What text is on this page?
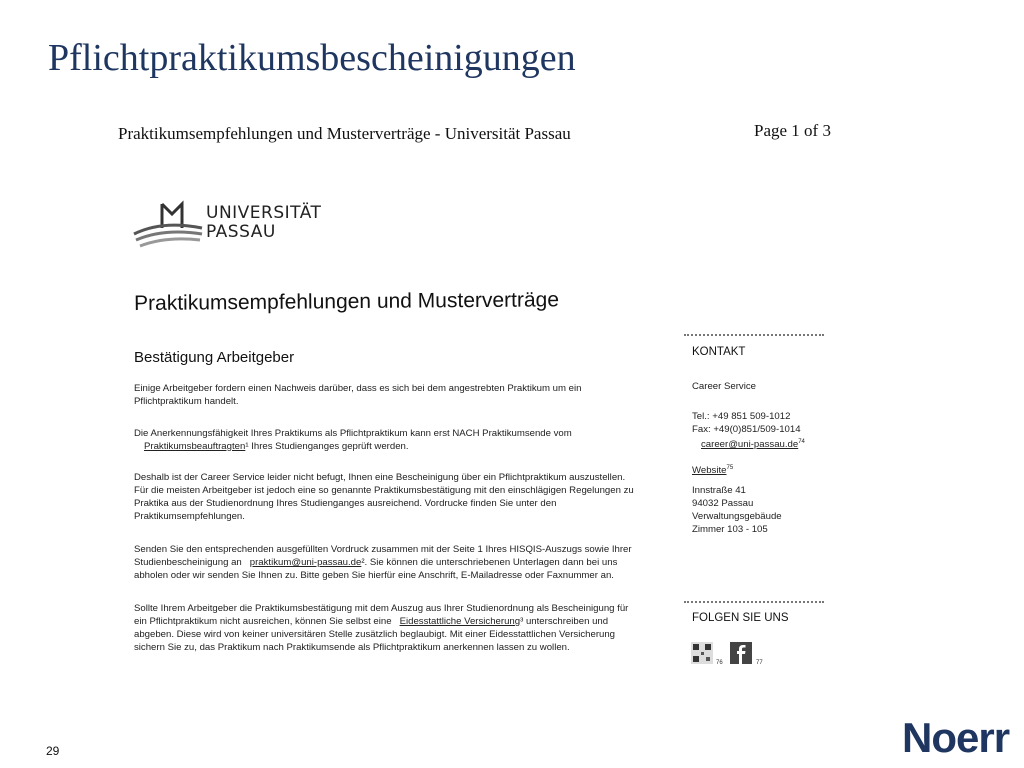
Pflichtpraktikumsbescheinigungen
Praktikumsempfehlungen und Musterverträge - Universität Passau	Page 1 of 3
UNIVERSITÄT
PASSAU
Praktikumsempfehlungen und Musterverträge
Bestätigung Arbeitgeber

Einige Arbeitgeber fordern einen Nachweis darüber, dass es sich bei dem angestrebten Praktikum um ein
Pflichtpraktikum handelt.

Die Anerkennungsfähigkeit Ihres Praktikums als Pflichtpraktikum kann erst NACH Praktikumsende vom
Praktikumsbeauftragten¹ Ihres Studienganges geprüft werden.

Deshalb ist der Career Service leider nicht befugt, Ihnen eine Bescheinigung über ein Pflichtpraktikum auszustellen.
Für die meisten Arbeitgeber ist jedoch eine so genannte Praktikumsbestätigung mit den einschlägigen Regelungen zu
Praktika aus der Studienordnung Ihres Studienganges ausreichend. Vordrucke finden Sie unter den
Praktikumsempfehlungen.

Senden Sie den entsprechenden ausgefüllten Vordruck zusammen mit der Seite 1 Ihres HISQIS-Auszugs sowie Ihrer
Studienbescheinigung an praktikum@uni-passau.de². Sie können die unterschriebenen Unterlagen dann bei uns
abholen oder wir senden Sie Ihnen zu. Bitte geben Sie hierfür eine Anschrift, E-Mailadresse oder Faxnummer an.

Sollte Ihrem Arbeitgeber die Praktikumsbestätigung mit dem Auszug aus Ihrer Studienordnung als Bescheinigung für
ein Pflichtpraktikum nicht ausreichen, können Sie selbst eine Eidesstattliche Versicherung³ unterschreiben und
abgeben. Diese wird von keiner universitären Stelle zusätzlich beglaubigt. Mit einer Eidesstattlichen Versicherung
sichern Sie zu, das Praktikum nach Praktikumsende als Pflichtpraktikum anerkennen lassen zu wollen.

KONTAKT
Career Service
Tel.: +49 851 509-1012
Fax: +49(0)851/509-1014
$career@uni-passau.de^{74}$
Website$^{75}$
Innstraße 41
94032 Passau
Verwaltungsgebäude
Zimmer 103 - 105
FOLGEN SIE UNS
76	77
29	Noerr
